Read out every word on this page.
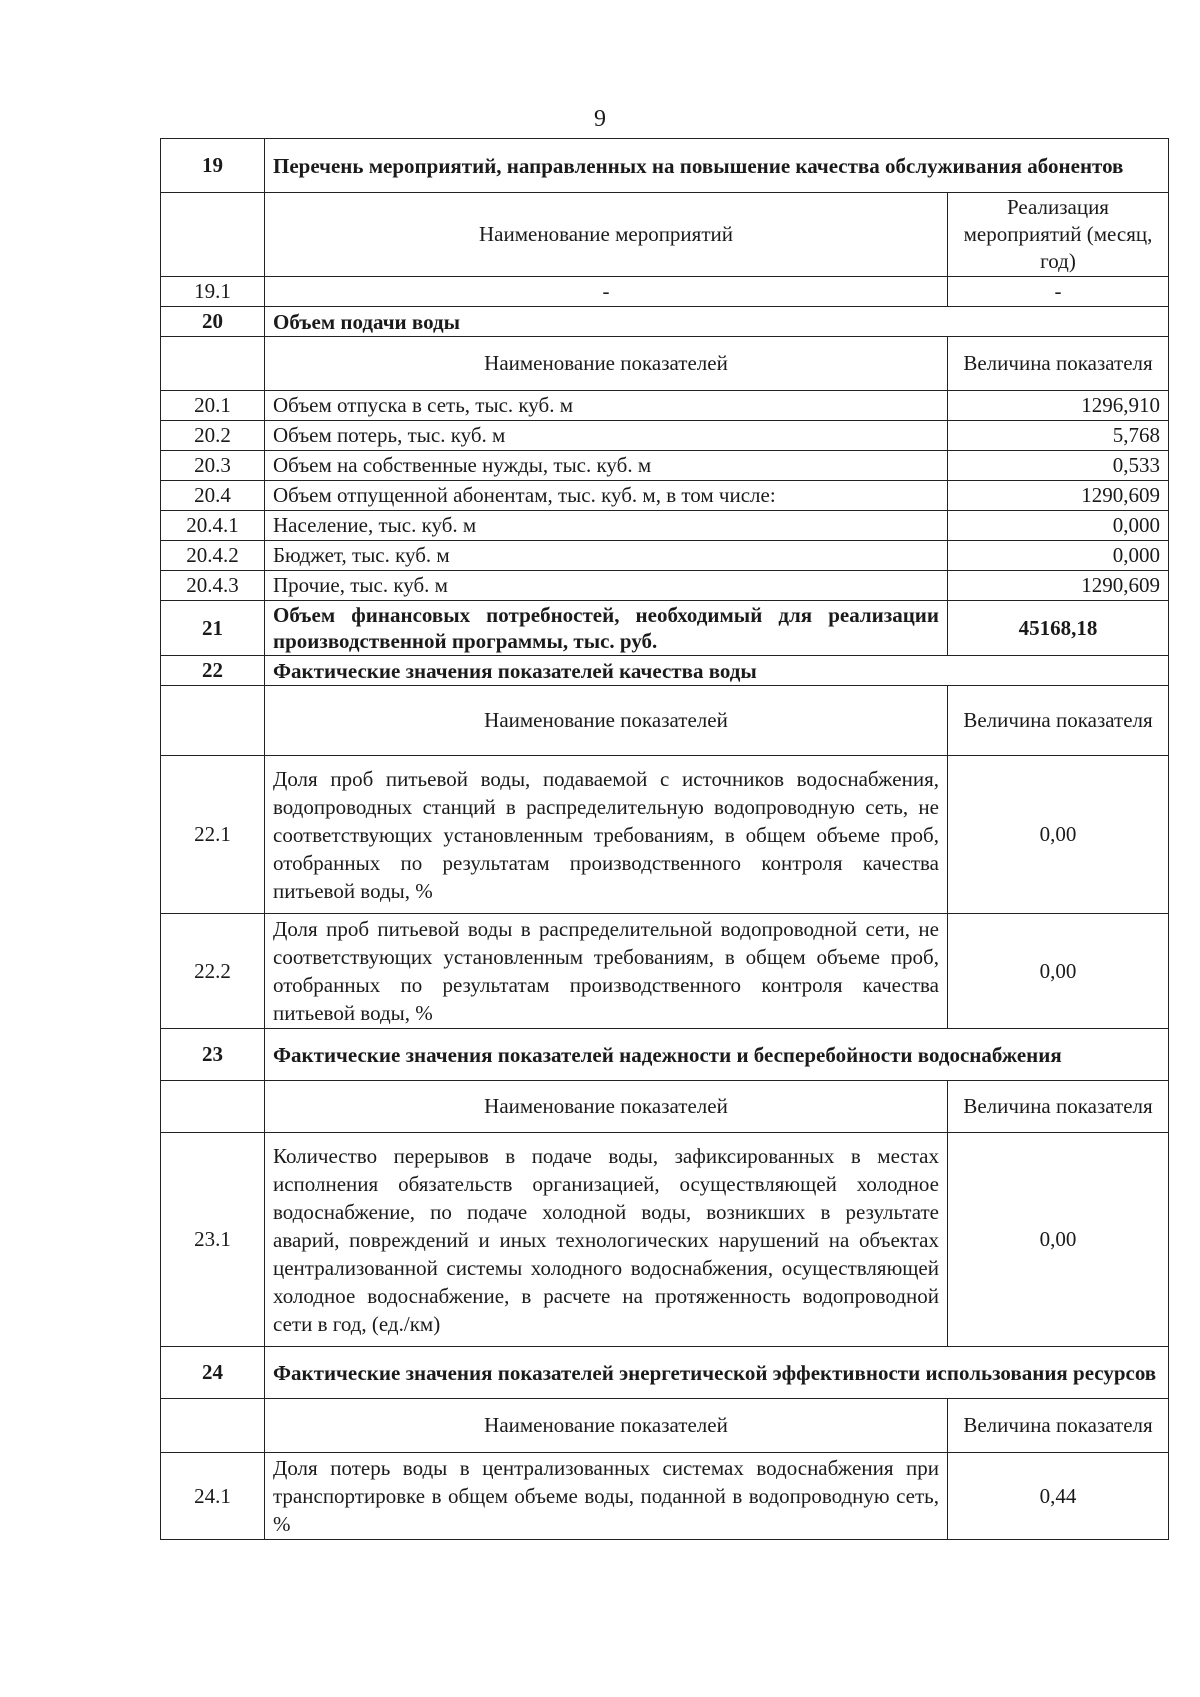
9
19	Перечень мероприятий, направленных на повышение качества обслуживания абонентов	
	Наименование мероприятий	Реализация мероприятий (месяц, год)
19.1	-	-
20	Объем подачи воды	
	Наименование показателей	Величина показателя
20.1	Объем отпуска в сеть, тыс. куб. м	1296,910
20.2	Объем потерь, тыс. куб. м	5,768
20.3	Объем на собственные нужды, тыс. куб. м	0,533
20.4	Объем отпущенной абонентам, тыс. куб. м, в том числе:	1290,609
20.4.1	Население, тыс. куб. м	0,000
20.4.2	Бюджет, тыс. куб. м	0,000
20.4.3	Прочие, тыс. куб. м	1290,609
21	Объем финансовых потребностей, необходимый для реализации производственной программы, тыс. руб.	45168,18
22	Фактические значения показателей качества воды	
	Наименование показателей	Величина показателя
22.1	Доля проб питьевой воды, подаваемой с источников водоснабжения, водопроводных станций в распределительную водопроводную сеть, не соответствующих установленным требованиям, в общем объеме проб, отобранных по результатам производственного контроля качества питьевой воды, %	0,00
22.2	Доля проб питьевой воды в распределительной водопроводной сети, не соответствующих установленным требованиям, в общем объеме проб, отобранных по результатам производственного контроля качества питьевой воды, %	0,00
23	Фактические значения показателей надежности и бесперебойности водоснабжения	
	Наименование показателей	Величина показателя
23.1	Количество перерывов в подаче воды, зафиксированных в местах исполнения обязательств организацией, осуществляющей холодное водоснабжение, по подаче холодной воды, возникших в результате аварий, повреждений и иных технологических нарушений на объектах централизованной системы холодного водоснабжения, осуществляющей холодное водоснабжение, в расчете на протяженность водопроводной сети в год, (ед./км)	0,00
24	Фактические значения показателей энергетической эффективности использования ресурсов	
	Наименование показателей	Величина показателя
24.1	Доля потерь воды в централизованных системах водоснабжения при транспортировке в общем объеме воды, поданной в водопроводную сеть, %	0,44
